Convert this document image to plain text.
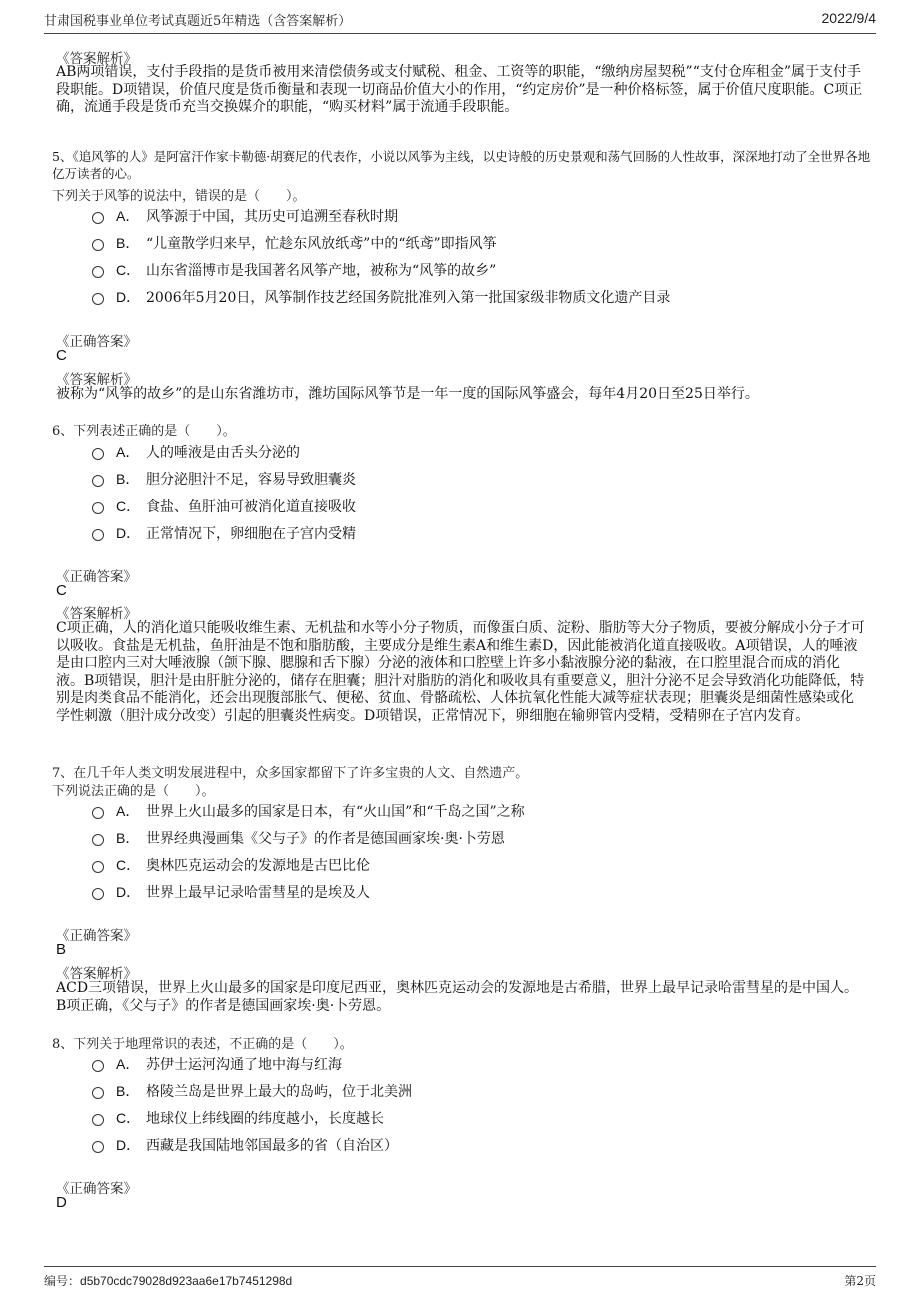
甘肃国税事业单位考试真题近5年精选（含答案解析）	2022/9/4
《答案解析》
AB两项错误，支付手段指的是货币被用来清偿债务或支付赋税、租金、工资等的职能，“缴纳房屋契税”“支付仓库租金”属于支付手段职能。D项错误，价值尺度是货币衡量和表现一切商品价值大小的作用，“约定房价”是一种价格标签，属于价值尺度职能。C项正确，流通手段是货币充当交换媒介的职能，“购买材料”属于流通手段职能。
5、《追风筝的人》是阿富汗作家卡勒德·胡赛尼的代表作，小说以风筝为主线，以史诗般的历史景观和荡气回肠的人性故事，深深地打动了全世界各地亿万读者的心。
下列关于风筝的说法中，错误的是（　　）。
A． 风筝源于中国，其历史可追溯至春秋时期
B． “儿童散学归来早，忙趁东风放纸鸢”中的“纸鸢”即指风筝
C． 山东省淄博市是我国著名风筝产地，被称为“风筝的故乡”
D． 2006年5月20日，风筝制作技艺经国务院批准列入第一批国家级非物质文化遗产目录
《正确答案》
C
《答案解析》
被称为“风筝的故乡”的是山东省潍坊市，潍坊国际风筝节是一年一度的国际风筝盛会，每年4月20日至25日举行。
6、下列表述正确的是（　　）。
A． 人的唾液是由舌头分泌的
B． 胆分泌胆汁不足，容易导致胆囊炎
C． 食盐、鱼肝油可被消化道直接吸收
D． 正常情况下，卵细胞在子宫内受精
《正确答案》
C
《答案解析》
C项正确，人的消化道只能吸收维生素、无机盐和水等小分子物质，而像蛋白质、淀粉、脂肪等大分子物质，要被分解成小分子才可以吸收。食盐是无机盐，鱼肝油是不饱和脂肪酸，主要成分是维生素A和维生素D，因此能被消化道直接吸收。A项错误，人的唾液是由口腔内三对大唾液腺（颌下腺、腮腺和舌下腺）分泌的液体和口腔壁上许多小黏液腺分泌的黏液，在口腔里混合而成的消化液。B项错误，胆汁是由肝脏分泌的，储存在胆囊；胆汁对脂肪的消化和吸收具有重要意义，胆汁分泌不足会导致消化功能降低，特别是肉类食品不能消化，还会出现腹部胀气、便秘、贫血、骨骼疏松、人体抗氧化性能大减等症状表现；胆囊炎是细菌性感染或化学性刺激（胆汁成分改变）引起的胆囊炎性病变。D项错误，正常情况下，卵细胞在输卵管内受精，受精卵在子宫内发育。
7、在几千年人类文明发展进程中，众多国家都留下了许多宝贵的人文、自然遗产。
下列说法正确的是（　　）。
A． 世界上火山最多的国家是日本，有“火山国”和“千岛之国”之称
B． 世界经典漫画集《父与子》的作者是德国画家埃·奥·卜劳恩
C． 奥林匹克运动会的发源地是古巴比伦
D． 世界上最早记录哈雷彗星的是埃及人
《正确答案》
B
《答案解析》
ACD三项错误，世界上火山最多的国家是印度尼西亚，奥林匹克运动会的发源地是古希腊，世界上最早记录哈雷彗星的是中国人。B项正确，《父与子》的作者是德国画家埃·奥·卜劳恩。
8、下列关于地理常识的表述，不正确的是（　　）。
A． 苏伊士运河沟通了地中海与红海
B． 格陵兰岛是世界上最大的岛屿，位于北美洲
C． 地球仪上纬线圈的纬度越小，长度越长
D． 西藏是我国陆地邻国最多的省（自治区）
《正确答案》
D
编号：d5b70cdc79028d923aa6e17b7451298d	第2页
